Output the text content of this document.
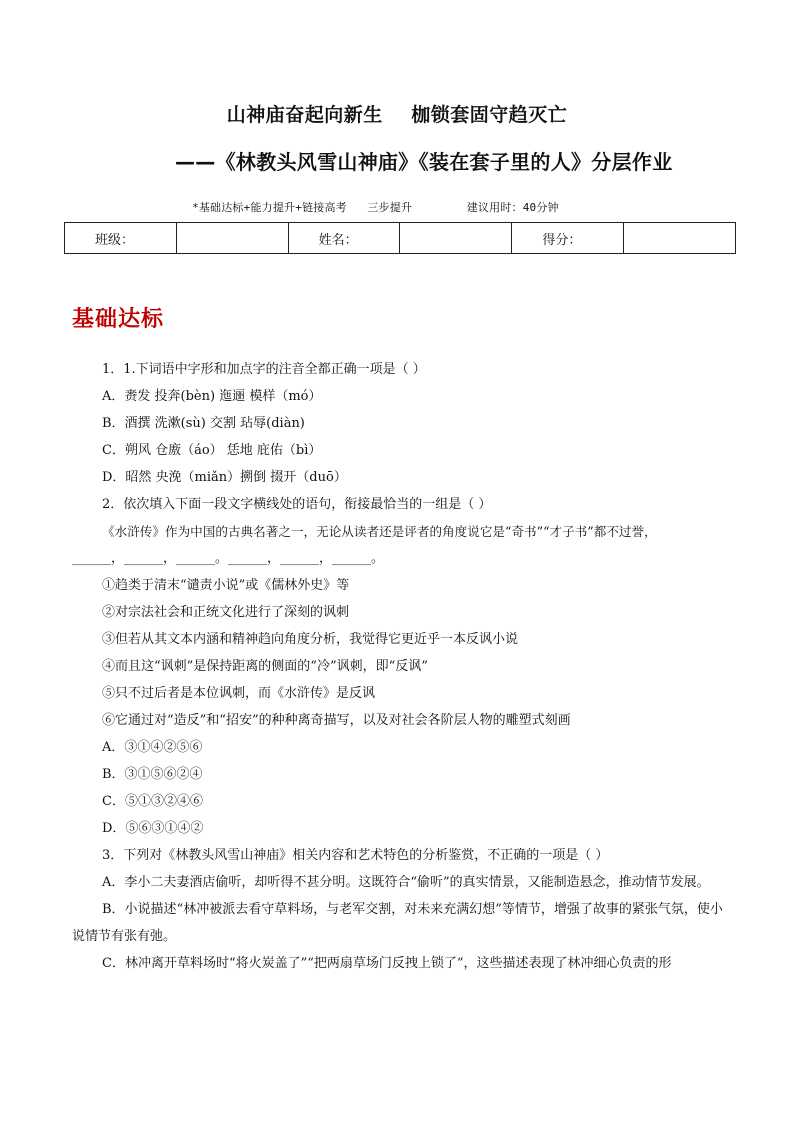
山神庙奋起向新生    枷锁套固守趋灭亡
——《林教头风雪山神庙》《装在套子里的人》分层作业
*基础达标+能力提升+链接高考   三步提升        建议用时：40分钟
班级：		姓名：		得分：	
基础达标
1．1.下词语中字形和加点字的注音全都正确一项是（ ）
A．赉发 投奔(bèn) 迤逦 模样（mó）
B．酒撰 洗漱(sù) 交割 玷辱(diàn)
C．朔风 仓廒（áo） 恁地 庇佑（bì）
D．昭然 央浼（miǎn）搠倒 掇开（duō）
2．依次填入下面一段文字横线处的语句，衔接最恰当的一组是（ ）
《水浒传》作为中国的古典名著之一，无论从读者还是评者的角度说它是“奇书”“才子书”都不过誉，
______，______，______。______，______，______。
①趋类于清末“谴责小说”或《儒林外史》等
②对宗法社会和正统文化进行了深刻的讽刺
③但若从其文本内涵和精神趋向角度分析，我觉得它更近乎一本反讽小说
④而且这“讽刺”是保持距离的侧面的“冷”讽刺，即“反讽”
⑤只不过后者是本位讽刺，而《水浒传》是反讽
⑥它通过对“造反”和“招安”的种种离奇描写，以及对社会各阶层人物的雕塑式刻画
A．③①④②⑤⑥
B．③①⑤⑥②④
C．⑤①③②④⑥
D．⑤⑥③①④②
3．下列对《林教头风雪山神庙》相关内容和艺术特色的分析鉴赏，不正确的一项是（ ）
A．李小二夫妻酒店偷听，却听得不甚分明。这既符合“偷听”的真实情景，又能制造悬念，推动情节发展。
B．小说描述“林冲被派去看守草料场，与老军交割，对未来充满幻想”等情节，增强了故事的紧张气氛，使小说情节有张有弛。
C．林冲离开草料场时“将火炭盖了”“把两扇草场门反拽上锁了”，这些描述表现了林冲细心负责的形
